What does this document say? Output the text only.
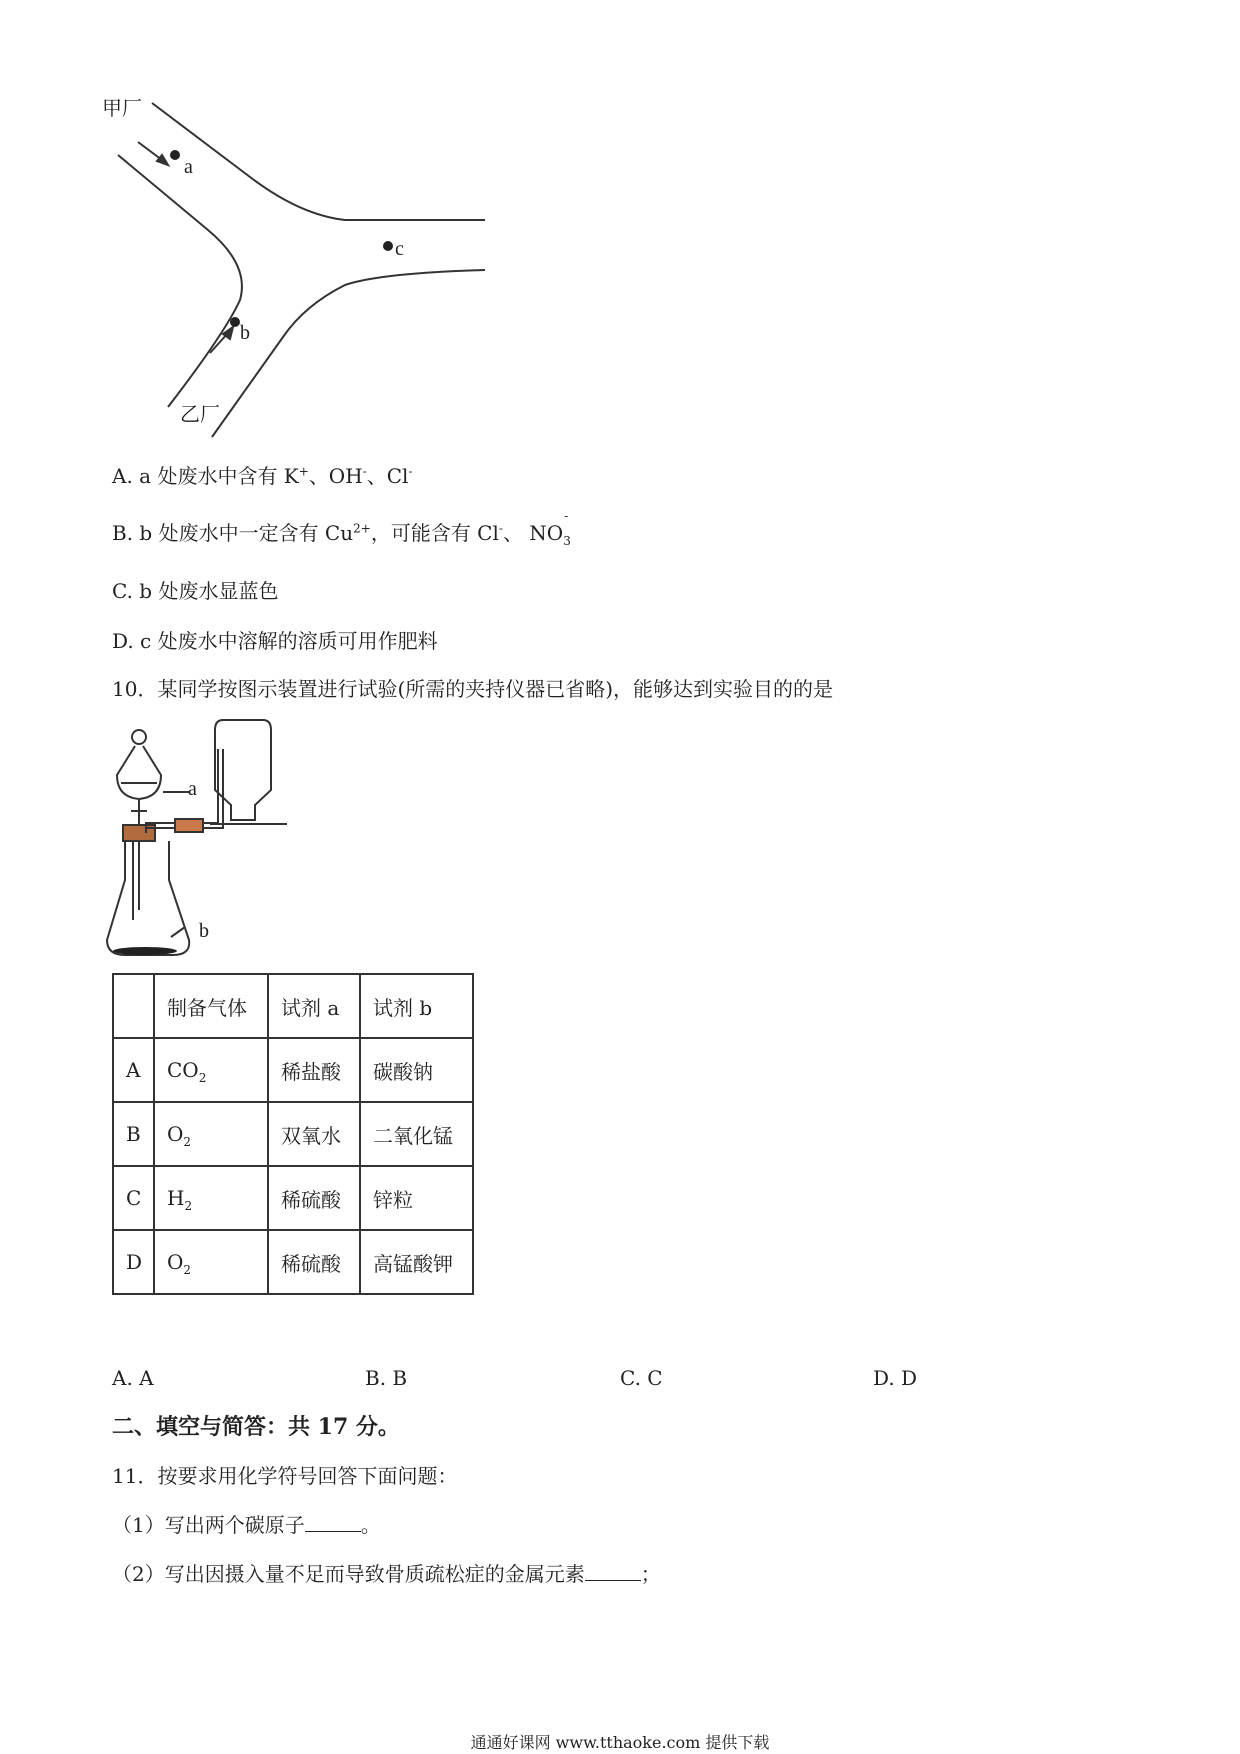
甲厂
乙厂
a
b
c
A. a 处废水中含有 K+、OH-、Cl-
B. b 处废水中一定含有 $Cu^{2+}$，可能含有 Cl-、 NO
-
$_3$
C. b 处废水显蓝色
D. c 处废水中溶解的溶质可用作肥料
10．某同学按图示装置进行试验(所需的夹持仪器已省略)，能够达到实验目的的是
a
b
	制备气体	试剂 a	试剂 b
A	$CO_2$	稀盐酸	碳酸钠
B	$O_2$	双氧水	二氧化锰
C	$H_2$	稀硫酸	锌粒
D	$O_2$	稀硫酸	高锰酸钾
A. A	B. B	C. C	D. D
二、填空与简答：共 17 分。
11．按要求用化学符号回答下面问题：
（1）写出两个碳原子	。
（2）写出因摄入量不足而导致骨质疏松症的金属元素	；
通通好课网 www.tthaoke.com 提供下载
